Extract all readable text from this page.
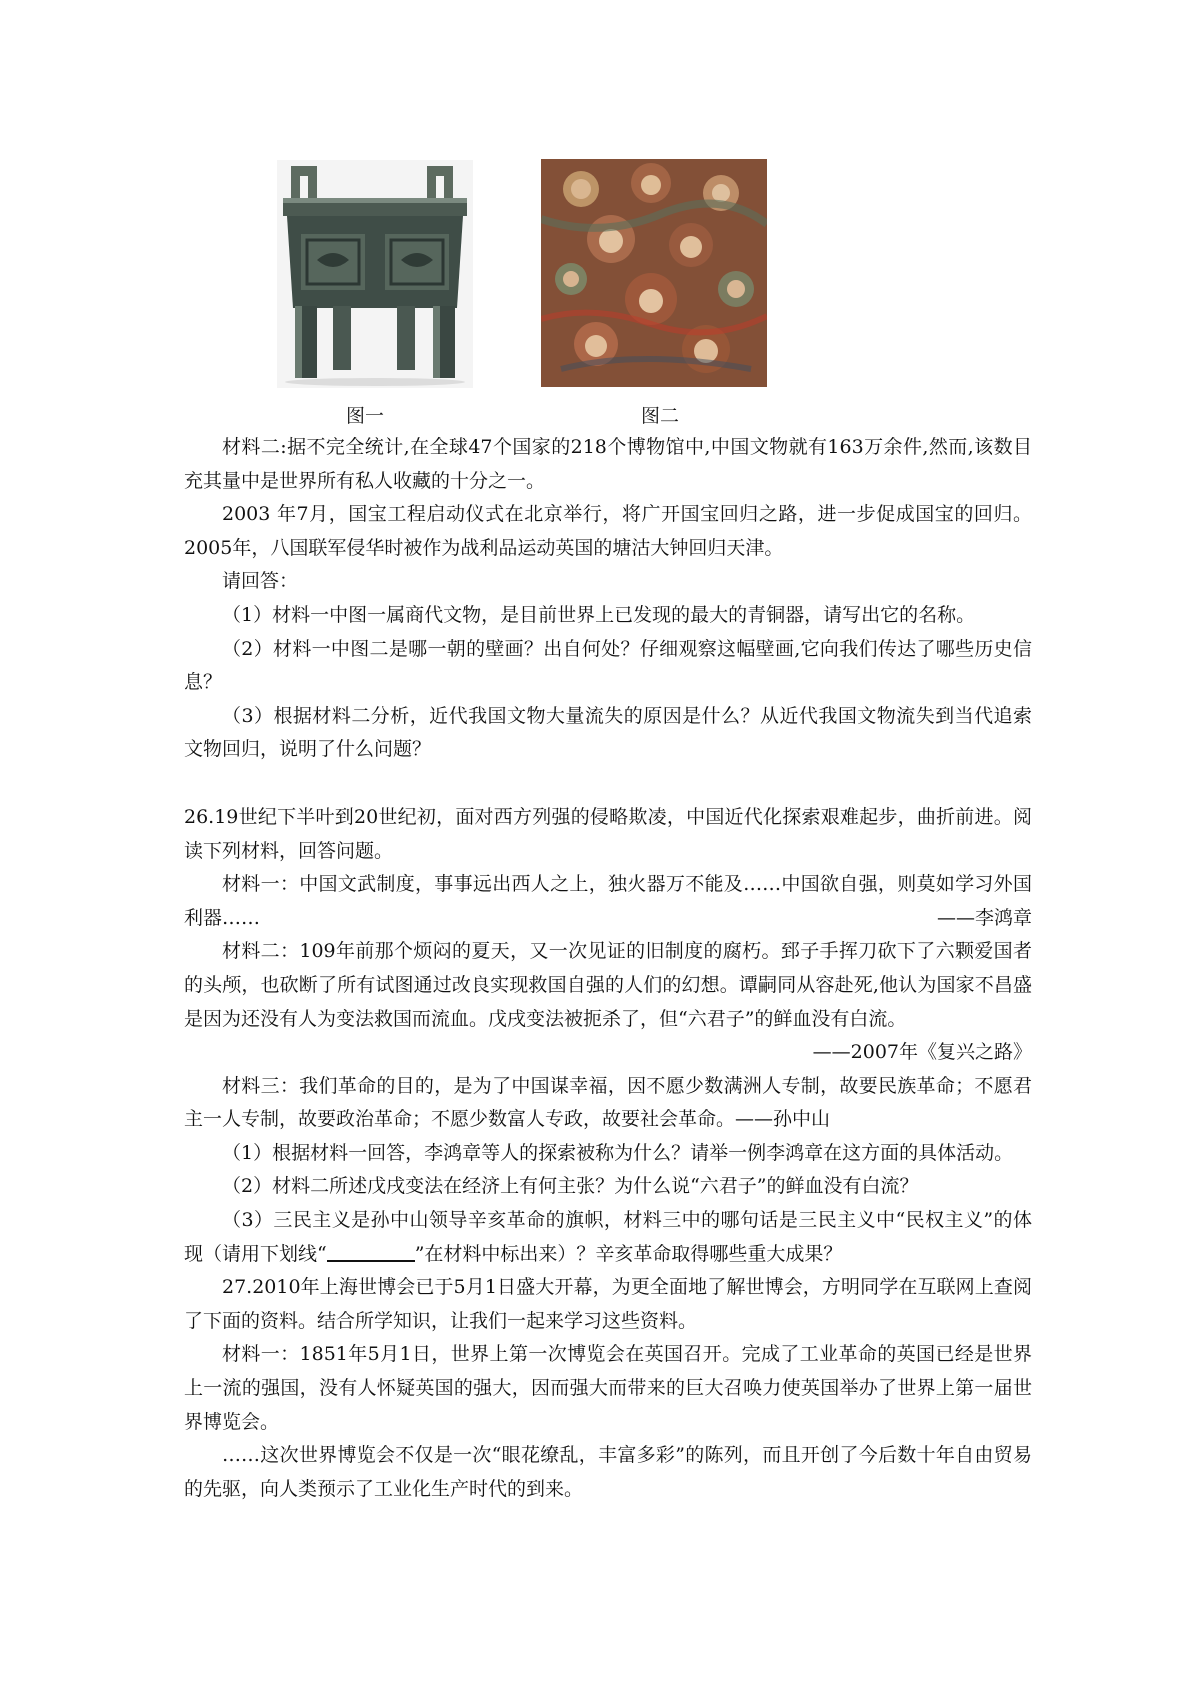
图一	图二

材料二:据不完全统计,在全球47个国家的218个博物馆中,中国文物就有163万余件,然而,该数目充其量中是世界所有私人收藏的十分之一。

2003 年7月，国宝工程启动仪式在北京举行，将广开国宝回归之路，进一步促成国宝的回归。2005年，八国联军侵华时被作为战利品运动英国的塘沽大钟回归天津。

请回答：

（1）材料一中图一属商代文物，是目前世界上已发现的最大的青铜器，请写出它的名称。

（2）材料一中图二是哪一朝的壁画？出自何处？仔细观察这幅壁画,它向我们传达了哪些历史信息？

（3）根据材料二分析，近代我国文物大量流失的原因是什么？从近代我国文物流失到当代追索文物回归，说明了什么问题？

26.19世纪下半叶到20世纪初，面对西方列强的侵略欺凌，中国近代化探索艰难起步，曲折前进。阅读下列材料，回答问题。

材料一：中国文武制度，事事远出西人之上，独火器万不能及……中国欲自强，则莫如学习外国利器……	——李鸿章

材料二：109年前那个烦闷的夏天，又一次见证的旧制度的腐朽。郅子手挥刀砍下了六颗爱国者的头颅，也砍断了所有试图通过改良实现救国自强的人们的幻想。谭嗣同从容赴死,他认为国家不昌盛是因为还没有人为变法救国而流血。戊戌变法被扼杀了，但“六君子”的鲜血没有白流。

——2007年《复兴之路》

材料三：我们革命的目的，是为了中国谋幸福，因不愿少数满洲人专制，故要民族革命；不愿君主一人专制，故要政治革命；不愿少数富人专政，故要社会革命。——孙中山

（1）根据材料一回答，李鸿章等人的探索被称为什么？请举一例李鸿章在这方面的具体活动。

（2）材料二所述戊戌变法在经济上有何主张？为什么说“六君子”的鲜血没有白流？

（3）三民主义是孙中山领导辛亥革命的旗帜，材料三中的哪句话是三民主义中“民权主义”的体现（请用下划线“	”在材料中标出来）？辛亥革命取得哪些重大成果？

27.2010年上海世博会已于5月1日盛大开幕，为更全面地了解世博会，方明同学在互联网上查阅了下面的资料。结合所学知识，让我们一起来学习这些资料。

材料一：1851年5月1日，世界上第一次博览会在英国召开。完成了工业革命的英国已经是世界上一流的强国，没有人怀疑英国的强大，因而强大而带来的巨大召唤力使英国举办了世界上第一届世界博览会。

……这次世界博览会不仅是一次“眼花缭乱，丰富多彩”的陈列，而且开创了今后数十年自由贸易的先驱，向人类预示了工业化生产时代的到来。
